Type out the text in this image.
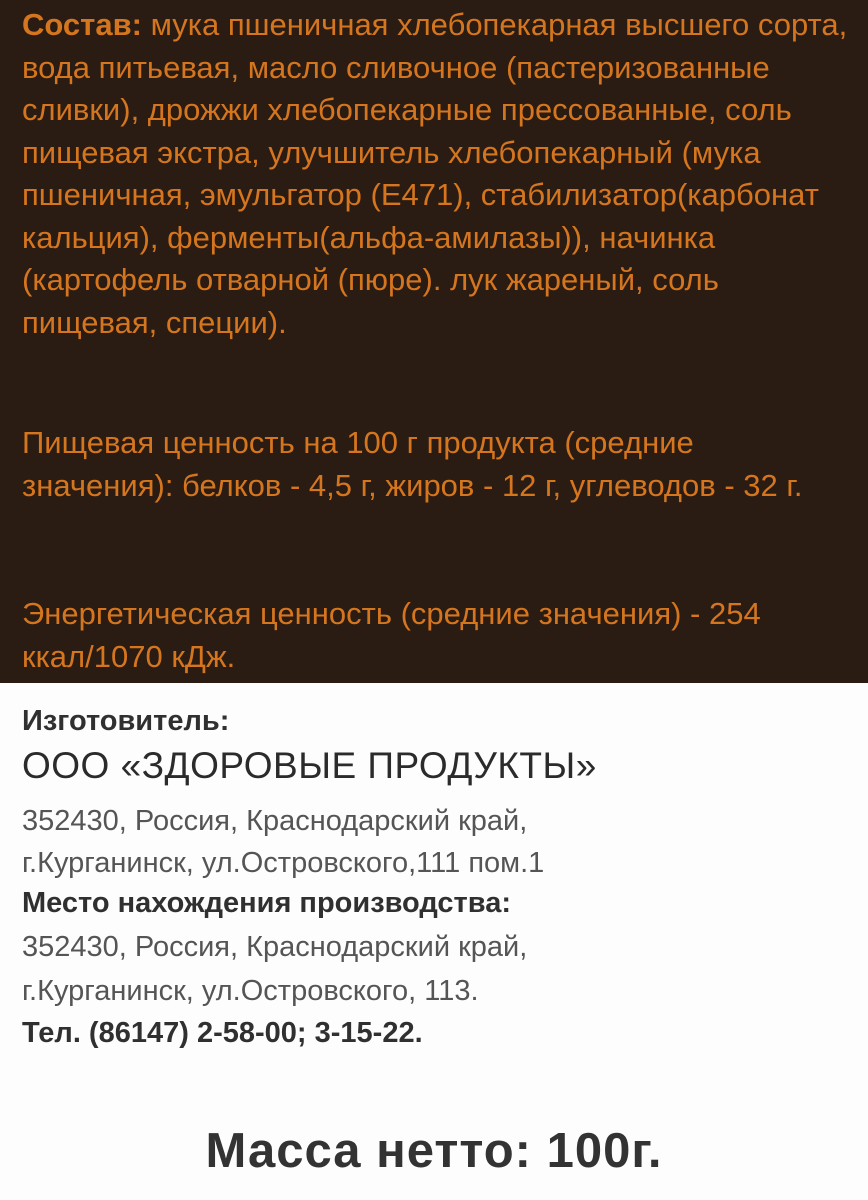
Состав: мука пшеничная хлебопекарная высшего сорта, вода питьевая, масло сливочное (пастеризованные сливки), дрожжи хлебопекарные прессованные, соль пищевая экстра, улучшитель хлебопекарный (мука пшеничная, эмульгатор (E471), стабилизатор(карбонат кальция), ферменты(альфа-амилазы)), начинка (картофель отварной (пюре). лук жареный, соль пищевая, специи).

Пищевая ценность на 100 г продукта (средние значения): белков - 4,5 г, жиров - 12 г, углеводов - 32 г.

Энергетическая ценность (средние значения) - 254 ккал/1070 кДж.

Изготовитель:
ООО «ЗДОРОВЫЕ ПРОДУКТЫ»
352430, Россия, Краснодарский край,
г.Курганинск, ул.Островского,111 пом.1
Место нахождения производства:
352430, Россия, Краснодарский край,
г.Курганинск, ул.Островского, 113.
Тел. (86147) 2-58-00; 3-15-22.
Масса нетто: 100г.
